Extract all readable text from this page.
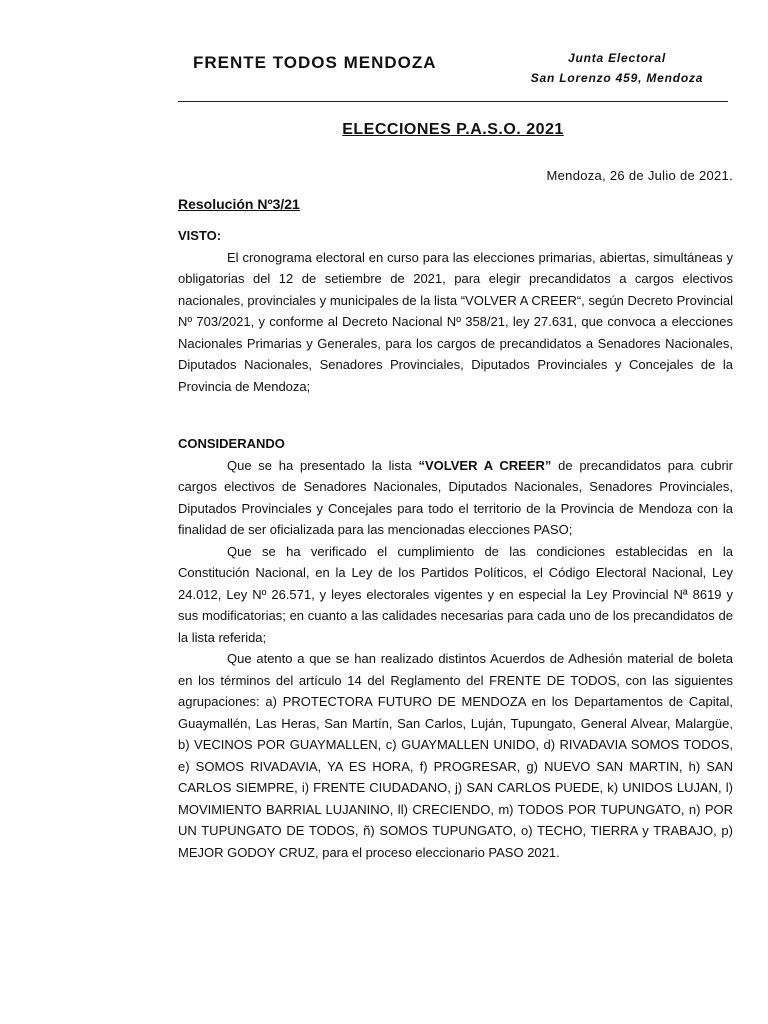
FRENTE TODOS MENDOZA	Junta Electoral
San Lorenzo 459, Mendoza
ELECCIONES P.A.S.O. 2021
Mendoza, 26 de Julio de 2021.
Resolución Nº3/21
VISTO:

El cronograma electoral en curso para las elecciones primarias, abiertas, simultáneas y obligatorias del 12 de setiembre de 2021, para elegir precandidatos a cargos electivos nacionales, provinciales y municipales de la lista “VOLVER A CREER“, según Decreto Provincial Nº 703/2021, y conforme al Decreto Nacional Nº 358/21, ley 27.631, que convoca a elecciones Nacionales Primarias y Generales, para los cargos de precandidatos a Senadores Nacionales, Diputados Nacionales, Senadores Provinciales, Diputados Provinciales y Concejales de la Provincia de Mendoza;

CONSIDERANDO

Que se ha presentado la lista “VOLVER A CREER” de precandidatos para cubrir cargos electivos de Senadores Nacionales, Diputados Nacionales, Senadores Provinciales, Diputados Provinciales y Concejales para todo el territorio de la Provincia de Mendoza con la finalidad de ser oficializada para las mencionadas elecciones PASO;

Que se ha verificado el cumplimiento de las condiciones establecidas en la Constitución Nacional, en la Ley de los Partidos Políticos, el Código Electoral Nacional, Ley 24.012, Ley Nº 26.571, y leyes electorales vigentes y en especial la Ley Provincial Nª 8619 y sus modificatorias; en cuanto a las calidades necesarias para cada uno de los precandidatos de la lista referida;

Que atento a que se han realizado distintos Acuerdos de Adhesión material de boleta en los términos del artículo 14 del Reglamento del FRENTE DE TODOS, con las siguientes agrupaciones: a) PROTECTORA FUTURO DE MENDOZA en los Departamentos de Capital, Guaymallén, Las Heras, San Martín, San Carlos, Luján, Tupungato, General Alvear, Malargüe, b) VECINOS POR GUAYMALLEN, c) GUAYMALLEN UNIDO, d) RIVADAVIA SOMOS TODOS, e) SOMOS RIVADAVIA, YA ES HORA, f) PROGRESAR, g) NUEVO SAN MARTIN, h) SAN CARLOS SIEMPRE, i) FRENTE CIUDADANO, j) SAN CARLOS PUEDE, k) UNIDOS LUJAN, l) MOVIMIENTO BARRIAL LUJANINO, ll) CRECIENDO, m) TODOS POR TUPUNGATO, n) POR UN TUPUNGATO DE TODOS, ñ) SOMOS TUPUNGATO, o) TECHO, TIERRA y TRABAJO, p) MEJOR GODOY CRUZ, para el proceso eleccionario PASO 2021.
